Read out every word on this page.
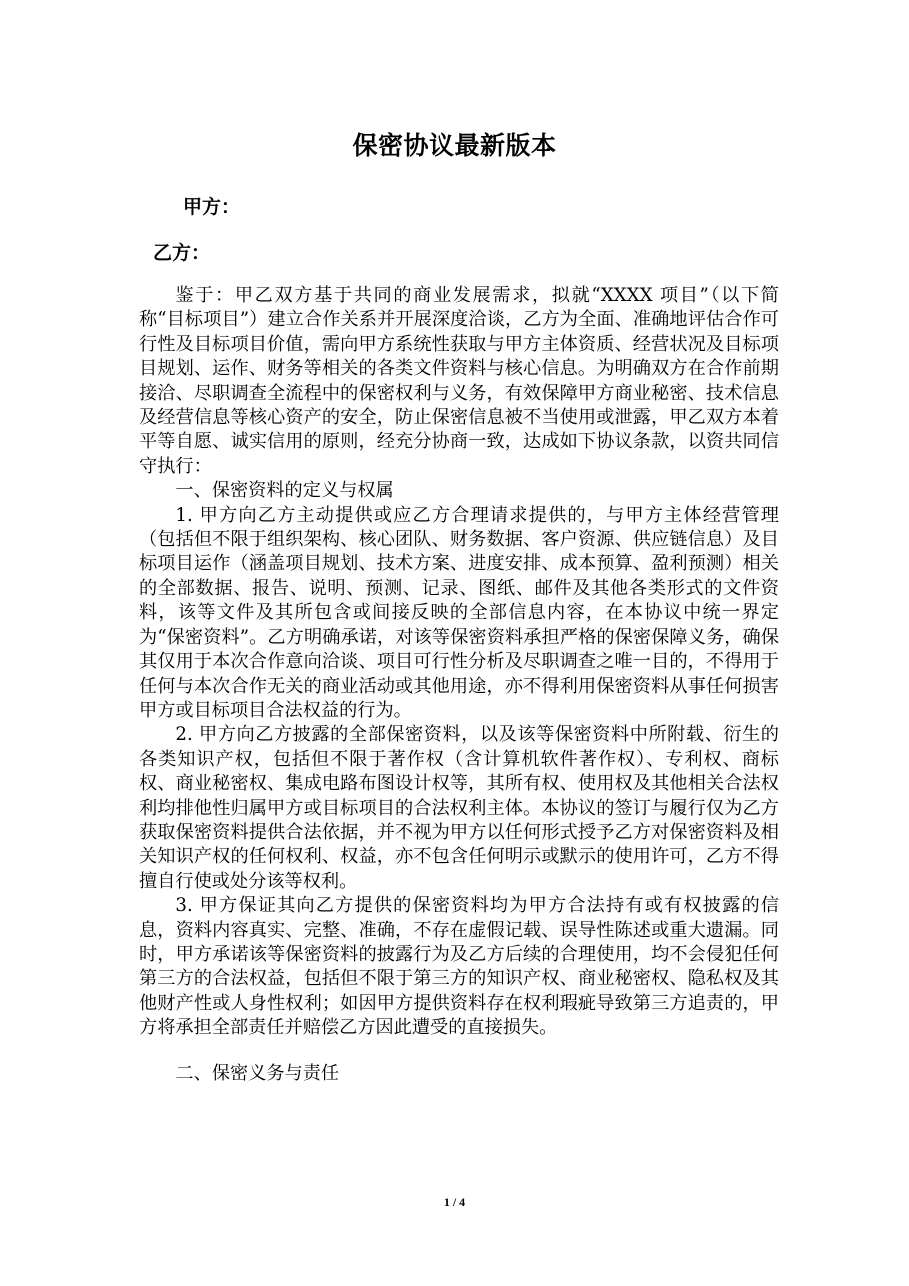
保密协议最新版本
甲方：
乙方：

鉴于：甲乙双方基于共同的商业发展需求，拟就“XXXX 项目”（以下简称“目标项目”）建立合作关系并开展深度洽谈，乙方为全面、准确地评估合作可行性及目标项目价值，需向甲方系统性获取与甲方主体资质、经营状况及目标项目规划、运作、财务等相关的各类文件资料与核心信息。为明确双方在合作前期接洽、尽职调查全流程中的保密权利与义务，有效保障甲方商业秘密、技术信息及经营信息等核心资产的安全，防止保密信息被不当使用或泄露，甲乙双方本着平等自愿、诚实信用的原则，经充分协商一致，达成如下协议条款，以资共同信守执行：

一、保密资料的定义与权属

1. 甲方向乙方主动提供或应乙方合理请求提供的，与甲方主体经营管理（包括但不限于组织架构、核心团队、财务数据、客户资源、供应链信息）及目标项目运作（涵盖项目规划、技术方案、进度安排、成本预算、盈利预测）相关的全部数据、报告、说明、预测、记录、图纸、邮件及其他各类形式的文件资料，该等文件及其所包含或间接反映的全部信息内容，在本协议中统一界定为“保密资料”。乙方明确承诺，对该等保密资料承担严格的保密保障义务，确保其仅用于本次合作意向洽谈、项目可行性分析及尽职调查之唯一目的，不得用于任何与本次合作无关的商业活动或其他用途，亦不得利用保密资料从事任何损害甲方或目标项目合法权益的行为。

2. 甲方向乙方披露的全部保密资料，以及该等保密资料中所附载、衍生的各类知识产权，包括但不限于著作权（含计算机软件著作权）、专利权、商标权、商业秘密权、集成电路布图设计权等，其所有权、使用权及其他相关合法权利均排他性归属甲方或目标项目的合法权利主体。本协议的签订与履行仅为乙方获取保密资料提供合法依据，并不视为甲方以任何形式授予乙方对保密资料及相关知识产权的任何权利、权益，亦不包含任何明示或默示的使用许可，乙方不得擅自行使或处分该等权利。

3. 甲方保证其向乙方提供的保密资料均为甲方合法持有或有权披露的信息，资料内容真实、完整、准确，不存在虚假记载、误导性陈述或重大遗漏。同时，甲方承诺该等保密资料的披露行为及乙方后续的合理使用，均不会侵犯任何第三方的合法权益，包括但不限于第三方的知识产权、商业秘密权、隐私权及其他财产性或人身性权利；如因甲方提供资料存在权利瑕疵导致第三方追责的，甲方将承担全部责任并赔偿乙方因此遭受的直接损失。

二、保密义务与责任

1 / 4
